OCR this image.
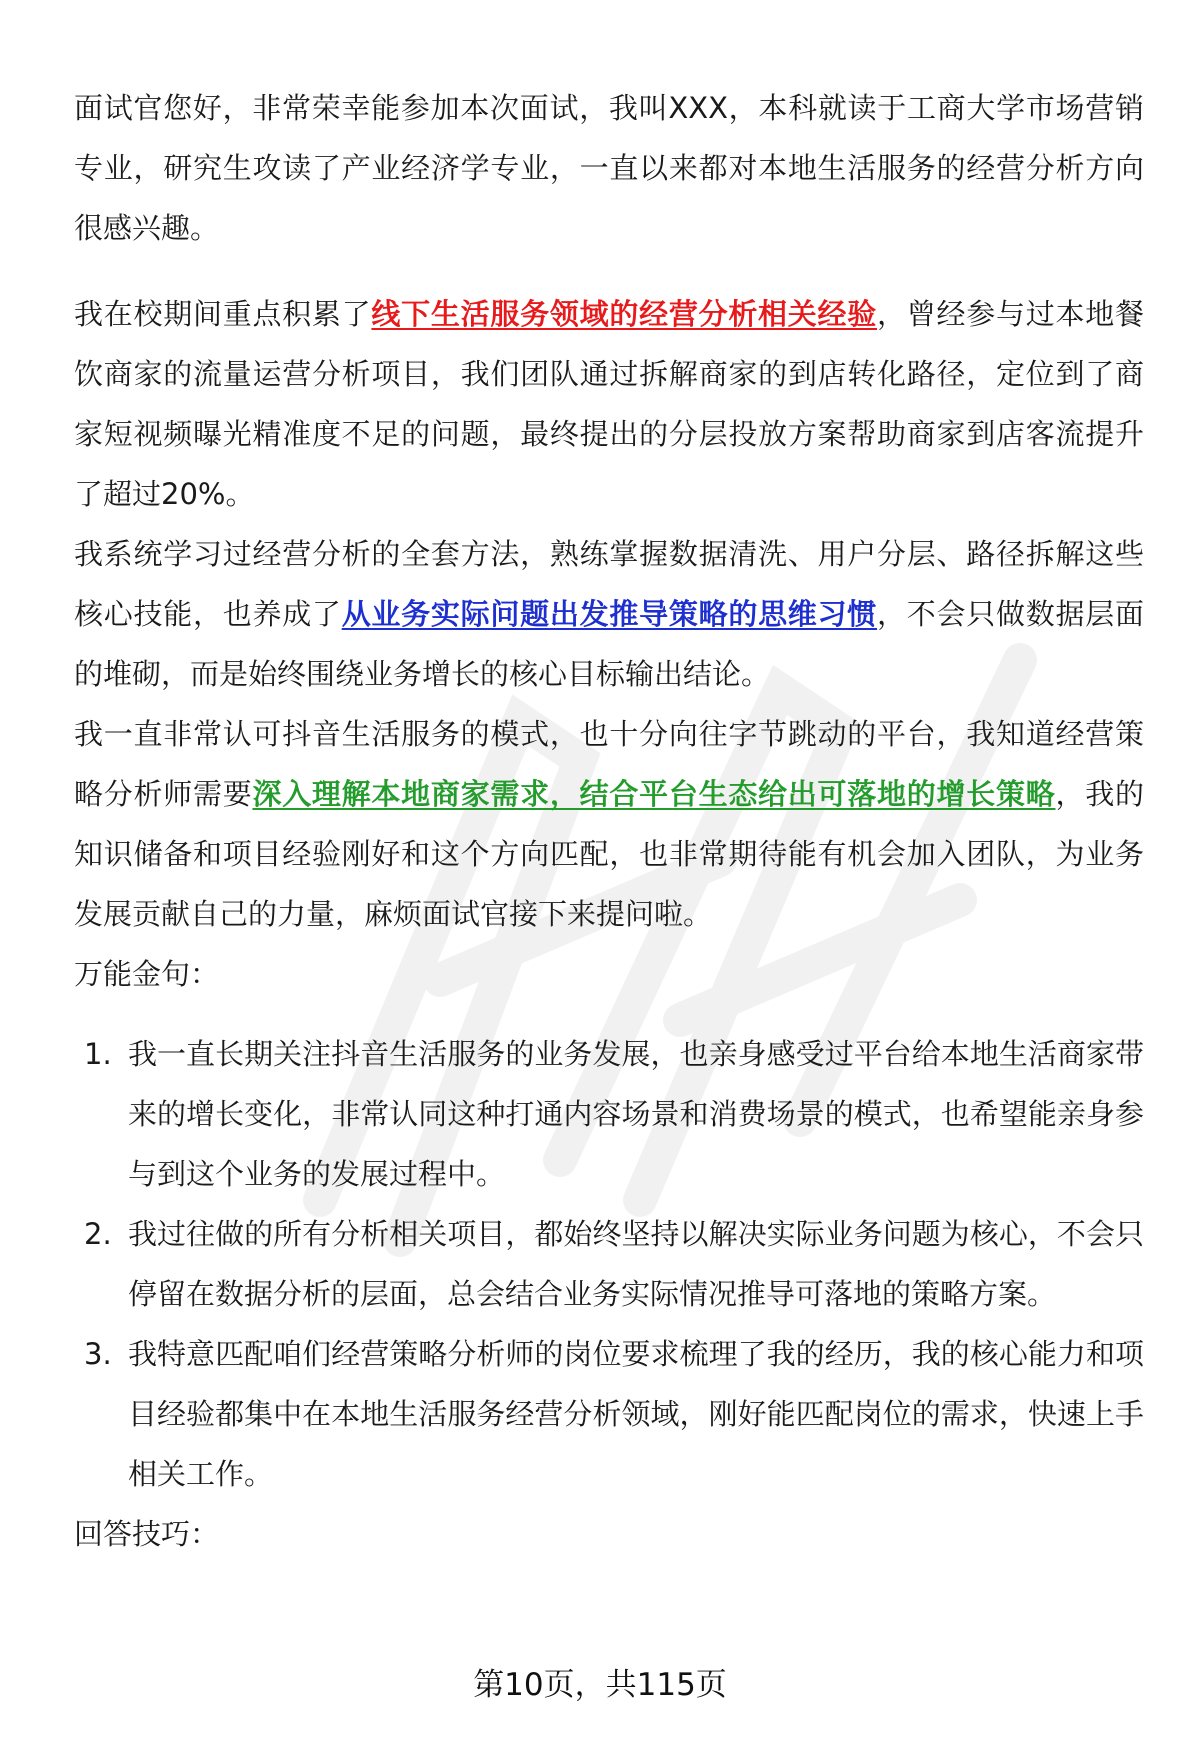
面试官您好，非常荣幸能参加本次面试，我叫XXX，本科就读于工商大学市场营销专业，研究生攻读了产业经济学专业，一直以来都对本地生活服务的经营分析方向很感兴趣。

我在校期间重点积累了线下生活服务领域的经营分析相关经验，曾经参与过本地餐饮商家的流量运营分析项目，我们团队通过拆解商家的到店转化路径，定位到了商家短视频曝光精准度不足的问题，最终提出的分层投放方案帮助商家到店客流提升了超过20%。

我系统学习过经营分析的全套方法，熟练掌握数据清洗、用户分层、路径拆解这些核心技能，也养成了从业务实际问题出发推导策略的思维习惯，不会只做数据层面的堆砌，而是始终围绕业务增长的核心目标输出结论。

我一直非常认可抖音生活服务的模式，也十分向往字节跳动的平台，我知道经营策略分析师需要深入理解本地商家需求，结合平台生态给出可落地的增长策略，我的知识储备和项目经验刚好和这个方向匹配，也非常期待能有机会加入团队，为业务发展贡献自己的力量，麻烦面试官接下来提问啦。

万能金句：

1. 我一直长期关注抖音生活服务的业务发展，也亲身感受过平台给本地生活商家带来的增长变化，非常认同这种打通内容场景和消费场景的模式，也希望能亲身参与到这个业务的发展过程中。
2. 我过往做的所有分析相关项目，都始终坚持以解决实际业务问题为核心，不会只停留在数据分析的层面，总会结合业务实际情况推导可落地的策略方案。
3. 我特意匹配咱们经营策略分析师的岗位要求梳理了我的经历，我的核心能力和项目经验都集中在本地生活服务经营分析领域，刚好能匹配岗位的需求，快速上手相关工作。

回答技巧：

第10页，共115页
